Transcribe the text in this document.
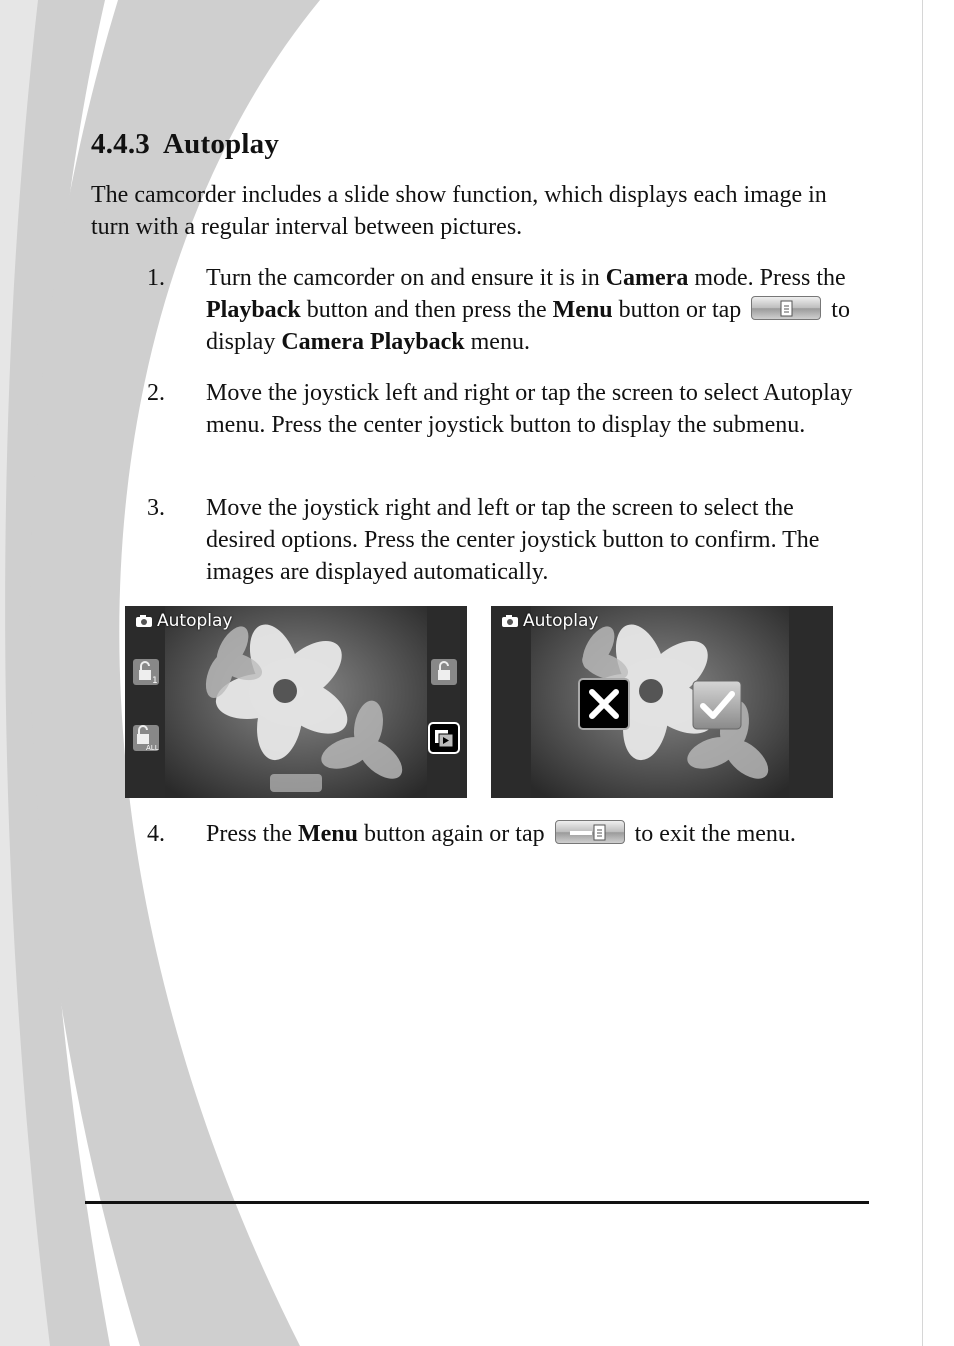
4.4.3 Autoplay

The camcorder includes a slide show function, which displays each image in turn with a regular interval between pictures.

1. Turn the camcorder on and ensure it is in Camera mode. Press the Playback button and then press the Menu button or tap	to display Camera Playback menu.
2. Move the joystick left and right or tap the screen to select Autoplay menu. Press the center joystick button to display the submenu.
3. Move the joystick right and left or tap the screen to select the desired options. Press the center joystick button to confirm. The images are displayed automatically.
4. Press the Menu button again or tap	to exit the menu.
Autoplay
1
ALL
Autoplay
